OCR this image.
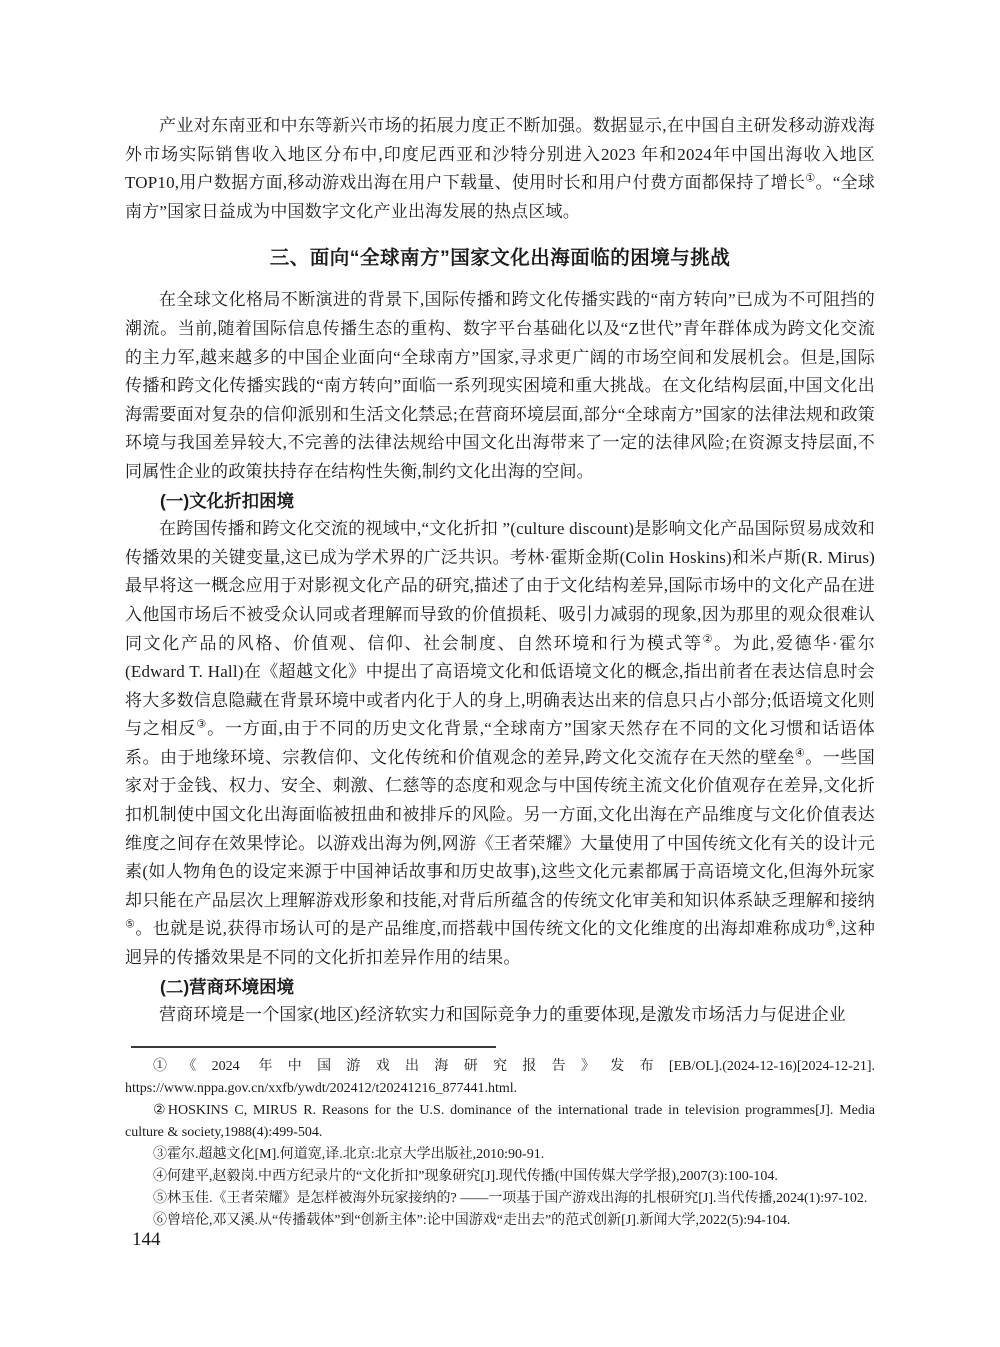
产业对东南亚和中东等新兴市场的拓展力度正不断加强。数据显示,在中国自主研发移动游戏海外市场实际销售收入地区分布中,印度尼西亚和沙特分别进入2023 年和2024年中国出海收入地区TOP10,用户数据方面,移动游戏出海在用户下载量、使用时长和用户付费方面都保持了增长①。“全球南方”国家日益成为中国数字文化产业出海发展的热点区域。

三、面向“全球南方”国家文化出海面临的困境与挑战

在全球文化格局不断演进的背景下,国际传播和跨文化传播实践的“南方转向”已成为不可阻挡的潮流。当前,随着国际信息传播生态的重构、数字平台基础化以及“Z世代”青年群体成为跨文化交流的主力军,越来越多的中国企业面向“全球南方”国家,寻求更广阔的市场空间和发展机会。但是,国际传播和跨文化传播实践的“南方转向”面临一系列现实困境和重大挑战。在文化结构层面,中国文化出海需要面对复杂的信仰派别和生活文化禁忌;在营商环境层面,部分“全球南方”国家的法律法规和政策环境与我国差异较大,不完善的法律法规给中国文化出海带来了一定的法律风险;在资源支持层面,不同属性企业的政策扶持存在结构性失衡,制约文化出海的空间。

(一)文化折扣困境

在跨国传播和跨文化交流的视域中,“文化折扣 ”(culture discount)是影响文化产品国际贸易成效和传播效果的关键变量,这已成为学术界的广泛共识。考林·霍斯金斯(Colin Hoskins)和米卢斯(R. Mirus)最早将这一概念应用于对影视文化产品的研究,描述了由于文化结构差异,国际市场中的文化产品在进入他国市场后不被受众认同或者理解而导致的价值损耗、吸引力减弱的现象,因为那里的观众很难认同文化产品的风格、价值观、信仰、社会制度、自然环境和行为模式等②。为此,爱德华·霍尔(Edward T. Hall)在《超越文化》中提出了高语境文化和低语境文化的概念,指出前者在表达信息时会将大多数信息隐藏在背景环境中或者内化于人的身上,明确表达出来的信息只占小部分;低语境文化则与之相反③。一方面,由于不同的历史文化背景,“全球南方”国家天然存在不同的文化习惯和话语体系。由于地缘环境、宗教信仰、文化传统和价值观念的差异,跨文化交流存在天然的壁垒④。一些国家对于金钱、权力、安全、刺激、仁慈等的态度和观念与中国传统主流文化价值观存在差异,文化折扣机制使中国文化出海面临被扭曲和被排斥的风险。另一方面,文化出海在产品维度与文化价值表达维度之间存在效果悖论。以游戏出海为例,网游《王者荣耀》大量使用了中国传统文化有关的设计元素(如人物角色的设定来源于中国神话故事和历史故事),这些文化元素都属于高语境文化,但海外玩家却只能在产品层次上理解游戏形象和技能,对背后所蕴含的传统文化审美和知识体系缺乏理解和接纳⑤。也就是说,获得市场认可的是产品维度,而搭载中国传统文化的文化维度的出海却难称成功⑥,这种迥异的传播效果是不同的文化折扣差异作用的结果。

(二)营商环境困境

营商环境是一个国家(地区)经济软实力和国际竞争力的重要体现,是激发市场活力与促进企业

①《2024 年中国游戏出海研究报告》发布[EB/OL].(2024-12-16)[2024-12-21]. https://www.nppa.gov.cn/xxfb/ywdt/202412/t20241216_877441.html.

②HOSKINS C, MIRUS R. Reasons for the U.S. dominance of the international trade in television programmes[J]. Media culture & society,1988(4):499-504.

③霍尔.超越文化[M].何道宽,译.北京:北京大学出版社,2010:90-91.

④何建平,赵毅岗.中西方纪录片的“文化折扣”现象研究[J].现代传播(中国传媒大学学报),2007(3):100-104.

⑤林玉佳.《王者荣耀》是怎样被海外玩家接纳的? ——一项基于国产游戏出海的扎根研究[J].当代传播,2024(1):97-102.

⑥曾培伦,邓又溪.从“传播载体”到“创新主体”:论中国游戏“走出去”的范式创新[J].新闻大学,2022(5):94-104.

144
